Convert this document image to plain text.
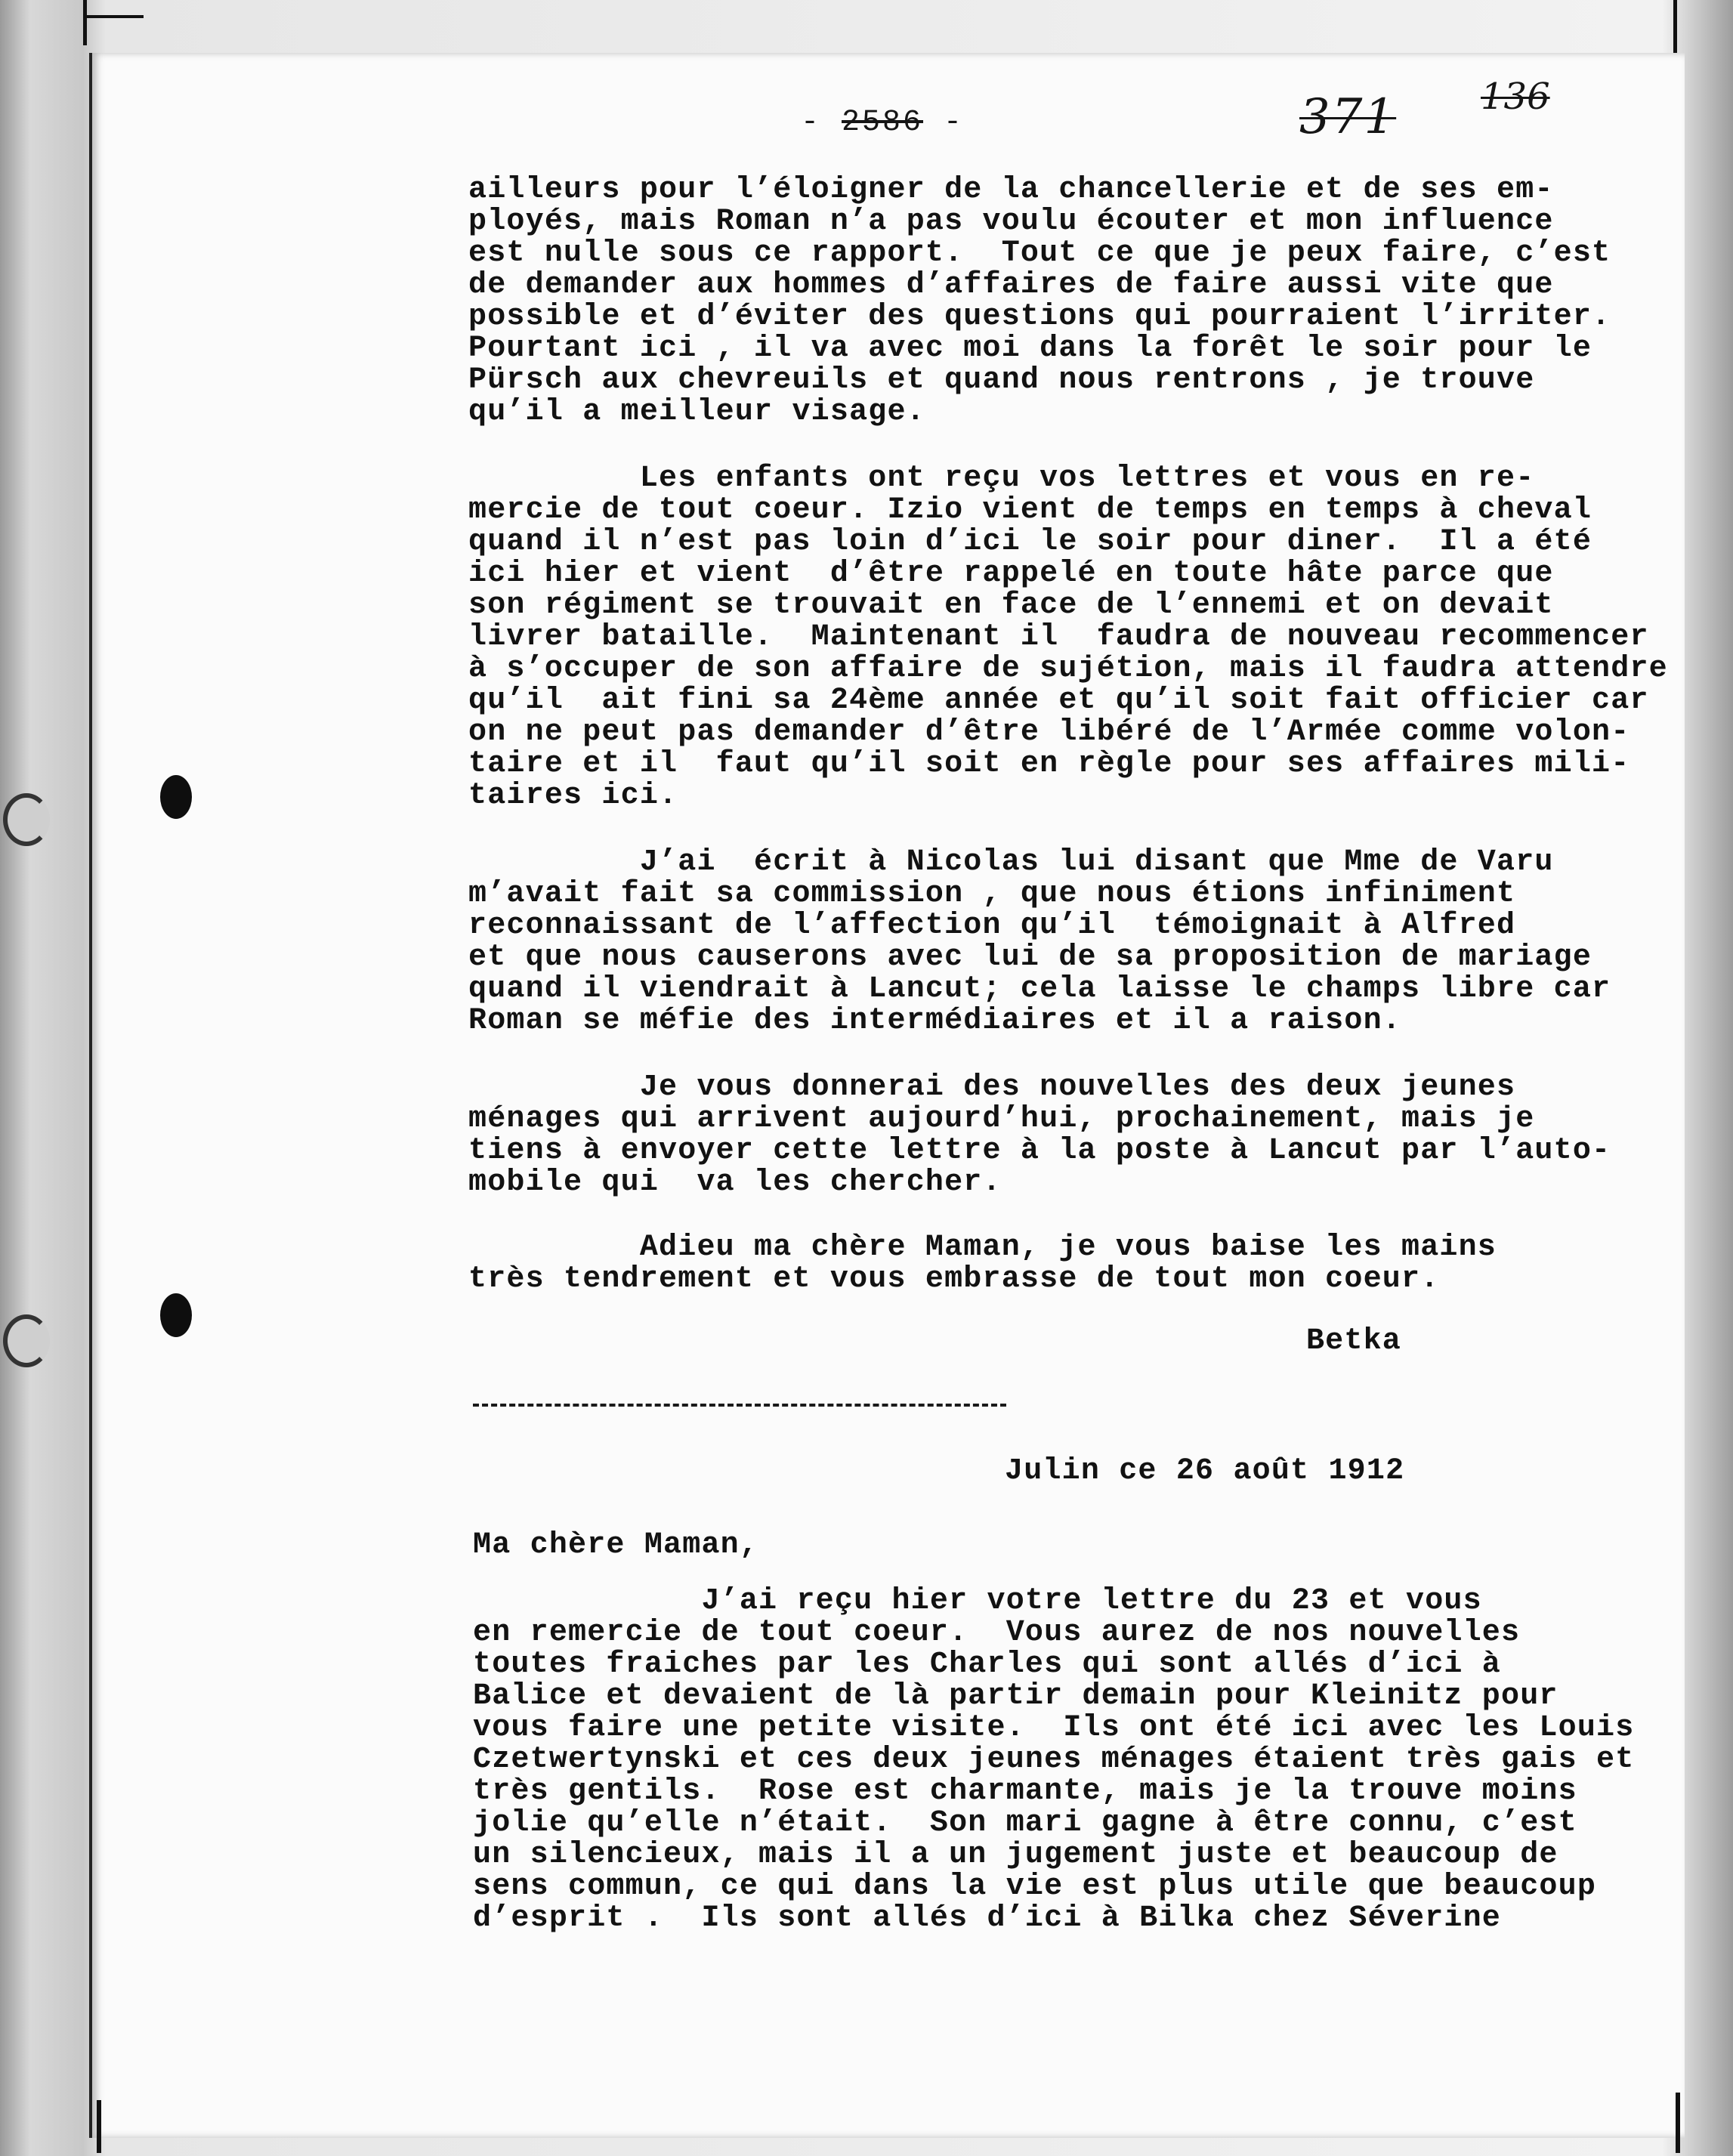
- 2586 -	371 136
ailleurs pour l’éloigner de la chancellerie et de ses em-
ployés, mais Roman n’a pas voulu écouter et mon influence
est nulle sous ce rapport.  Tout ce que je peux faire, c’est
de demander aux hommes d’affaires de faire aussi vite que
possible et d’éviter des questions qui pourraient l’irriter.
Pourtant ici , il va avec moi dans la forêt le soir pour le
Pürsch aux chevreuils et quand nous rentrons , je trouve
qu’il a meilleur visage.
Les enfants ont reçu vos lettres et vous en re-
mercie de tout coeur. Izio vient de temps en temps à cheval
quand il n’est pas loin d’ici le soir pour diner.  Il a été
ici hier et vient  d’être rappelé en toute hâte parce que
son régiment se trouvait en face de l’ennemi et on devait
livrer bataille.  Maintenant il  faudra de nouveau recommencer
à s’occuper de son affaire de sujétion, mais il faudra attendre
qu’il  ait fini sa 24ème année et qu’il soit fait officier car
on ne peut pas demander d’être libéré de l’Armée comme volon-
taire et il  faut qu’il soit en règle pour ses affaires mili-
taires ici.
J’ai  écrit à Nicolas lui disant que Mme de Varu
m’avait fait sa commission , que nous étions infiniment
reconnaissant de l’affection qu’il  témoignait à Alfred
et que nous causerons avec lui de sa proposition de mariage
quand il viendrait à Lancut; cela laisse le champs libre car
Roman se méfie des intermédiaires et il a raison.
Je vous donnerai des nouvelles des deux jeunes
ménages qui arrivent aujourd’hui, prochainement, mais je
tiens à envoyer cette lettre à la poste à Lancut par l’auto-
mobile qui  va les chercher.
Adieu ma chère Maman, je vous baise les mains
très tendrement et vous embrasse de tout mon coeur.
Betka
Julin ce 26 août 1912
Ma chère Maman,
J’ai reçu hier votre lettre du 23 et vous
en remercie de tout coeur.  Vous aurez de nos nouvelles
toutes fraiches par les Charles qui sont allés d’ici à
Balice et devaient de là partir demain pour Kleinitz pour
vous faire une petite visite.  Ils ont été ici avec les Louis
Czetwertynski et ces deux jeunes ménages étaient très gais et
très gentils.  Rose est charmante, mais je la trouve moins
jolie qu’elle n’était.  Son mari gagne à être connu, c’est
un silencieux, mais il a un jugement juste et beaucoup de
sens commun, ce qui dans la vie est plus utile que beaucoup
d’esprit .  Ils sont allés d’ici à Bilka chez Séverine
